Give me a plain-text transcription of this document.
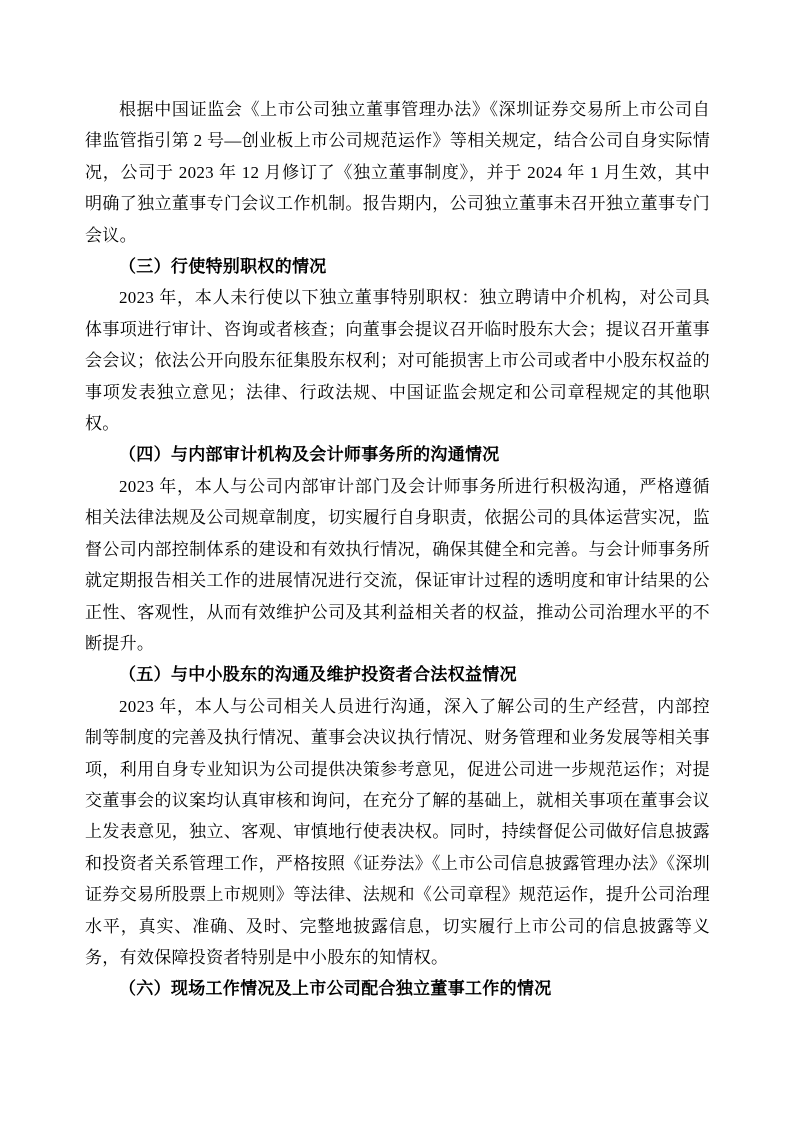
根据中国证监会《上市公司独立董事管理办法》《深圳证券交易所上市公司自律监管指引第 2 号—创业板上市公司规范运作》等相关规定，结合公司自身实际情况，公司于 2023 年 12 月修订了《独立董事制度》，并于 2024 年 1 月生效，其中明确了独立董事专门会议工作机制。报告期内，公司独立董事未召开独立董事专门会议。

（三）行使特别职权的情况

2023 年，本人未行使以下独立董事特别职权：独立聘请中介机构，对公司具体事项进行审计、咨询或者核查；向董事会提议召开临时股东大会；提议召开董事会会议；依法公开向股东征集股东权利；对可能损害上市公司或者中小股东权益的事项发表独立意见；法律、行政法规、中国证监会规定和公司章程规定的其他职权。

（四）与内部审计机构及会计师事务所的沟通情况

2023 年，本人与公司内部审计部门及会计师事务所进行积极沟通，严格遵循相关法律法规及公司规章制度，切实履行自身职责，依据公司的具体运营实况，监督公司内部控制体系的建设和有效执行情况，确保其健全和完善。与会计师事务所就定期报告相关工作的进展情况进行交流，保证审计过程的透明度和审计结果的公正性、客观性，从而有效维护公司及其利益相关者的权益，推动公司治理水平的不断提升。

（五）与中小股东的沟通及维护投资者合法权益情况

2023 年，本人与公司相关人员进行沟通，深入了解公司的生产经营，内部控制等制度的完善及执行情况、董事会决议执行情况、财务管理和业务发展等相关事项，利用自身专业知识为公司提供决策参考意见，促进公司进一步规范运作；对提交董事会的议案均认真审核和询问，在充分了解的基础上，就相关事项在董事会议上发表意见，独立、客观、审慎地行使表决权。同时，持续督促公司做好信息披露和投资者关系管理工作，严格按照《证券法》《上市公司信息披露管理办法》《深圳证券交易所股票上市规则》等法律、法规和《公司章程》规范运作，提升公司治理水平，真实、准确、及时、完整地披露信息，切实履行上市公司的信息披露等义务，有效保障投资者特别是中小股东的知情权。

（六）现场工作情况及上市公司配合独立董事工作的情况
